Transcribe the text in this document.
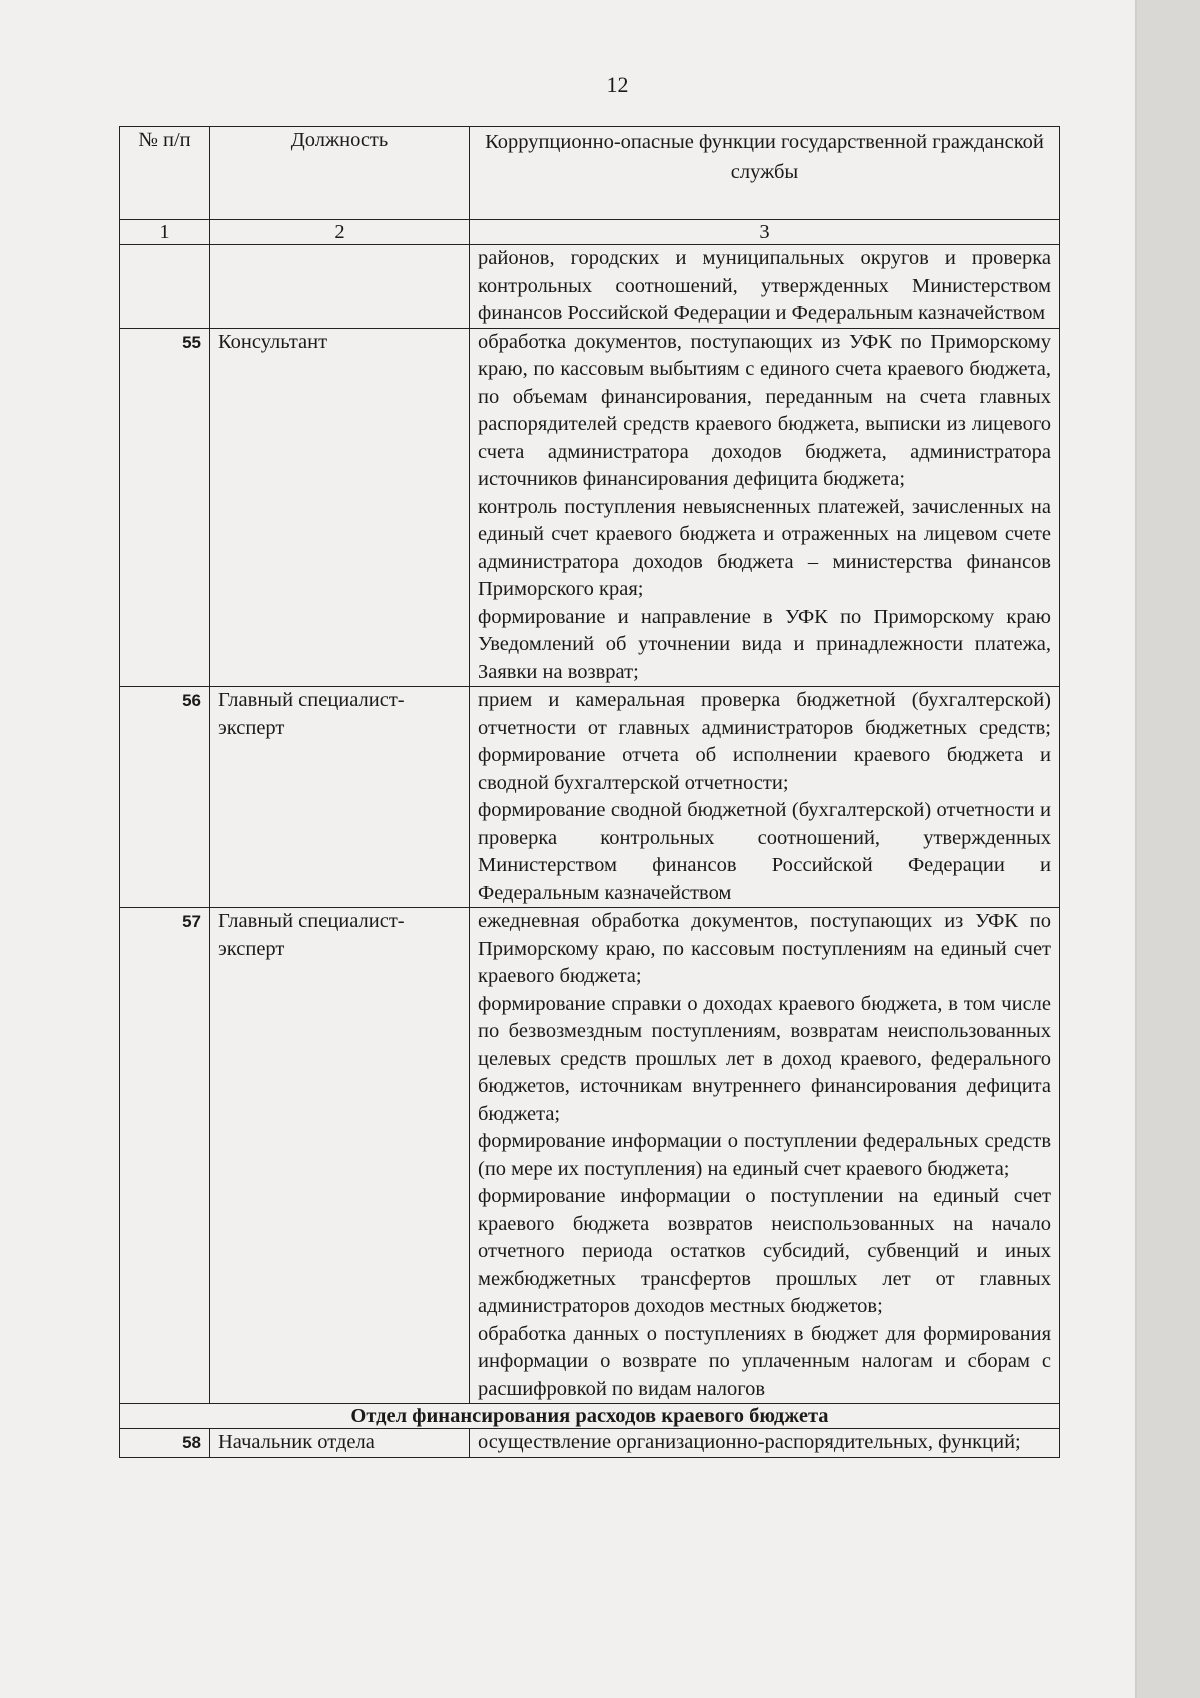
12
№ п/п	Должность	Коррупционно-опасные функции государственной гражданской службы
1	2	3

		районов, городских и муниципальных округов и проверка контрольных соотношений, утвержденных Министерством финансов Российской Федерации и Федеральным казначейством

55	Консультант	обработка документов, поступающих из УФК по Приморскому краю, по кассовым выбытиям с единого счета краевого бюджета, по объемам финансирования, переданным на счета главных распорядителей средств краевого бюджета, выписки из лицевого счета администратора доходов бюджета, администратора источников финансирования дефицита бюджета;
контроль поступления невыясненных платежей, зачисленных на единый счет краевого бюджета и отраженных на лицевом счете администратора доходов бюджета – министерства финансов Приморского края;
формирование и направление в УФК по Приморскому краю Уведомлений об уточнении вида и принадлежности платежа, Заявки на возврат;

56	Главный специалист-эксперт	прием и камеральная проверка бюджетной (бухгалтерской) отчетности от главных администраторов бюджетных средств; формирование отчета об исполнении краевого бюджета и сводной бухгалтерской отчетности;
формирование сводной бюджетной (бухгалтерской) отчетности и проверка контрольных соотношений, утвержденных Министерством финансов Российской Федерации и Федеральным казначейством

57	Главный специалист-эксперт	ежедневная обработка документов, поступающих из УФК по Приморскому краю, по кассовым поступлениям на единый счет краевого бюджета;
формирование справки о доходах краевого бюджета, в том числе по безвозмездным поступлениям, возвратам неиспользованных целевых средств прошлых лет в доход краевого, федерального бюджетов, источникам внутреннего финансирования дефицита бюджета;
формирование информации о поступлении федеральных средств (по мере их поступления) на единый счет краевого бюджета;
формирование информации о поступлении на единый счет краевого бюджета возвратов неиспользованных на начало отчетного периода остатков субсидий, субвенций и иных межбюджетных трансфертов прошлых лет от главных администраторов доходов местных бюджетов;
обработка данных о поступлениях в бюджет для формирования информации о возврате по уплаченным налогам и сборам с расшифровкой по видам налогов

Отдел финансирования расходов краевого бюджета		
58	Начальник отдела	осуществление организационно-распорядительных, функций;
